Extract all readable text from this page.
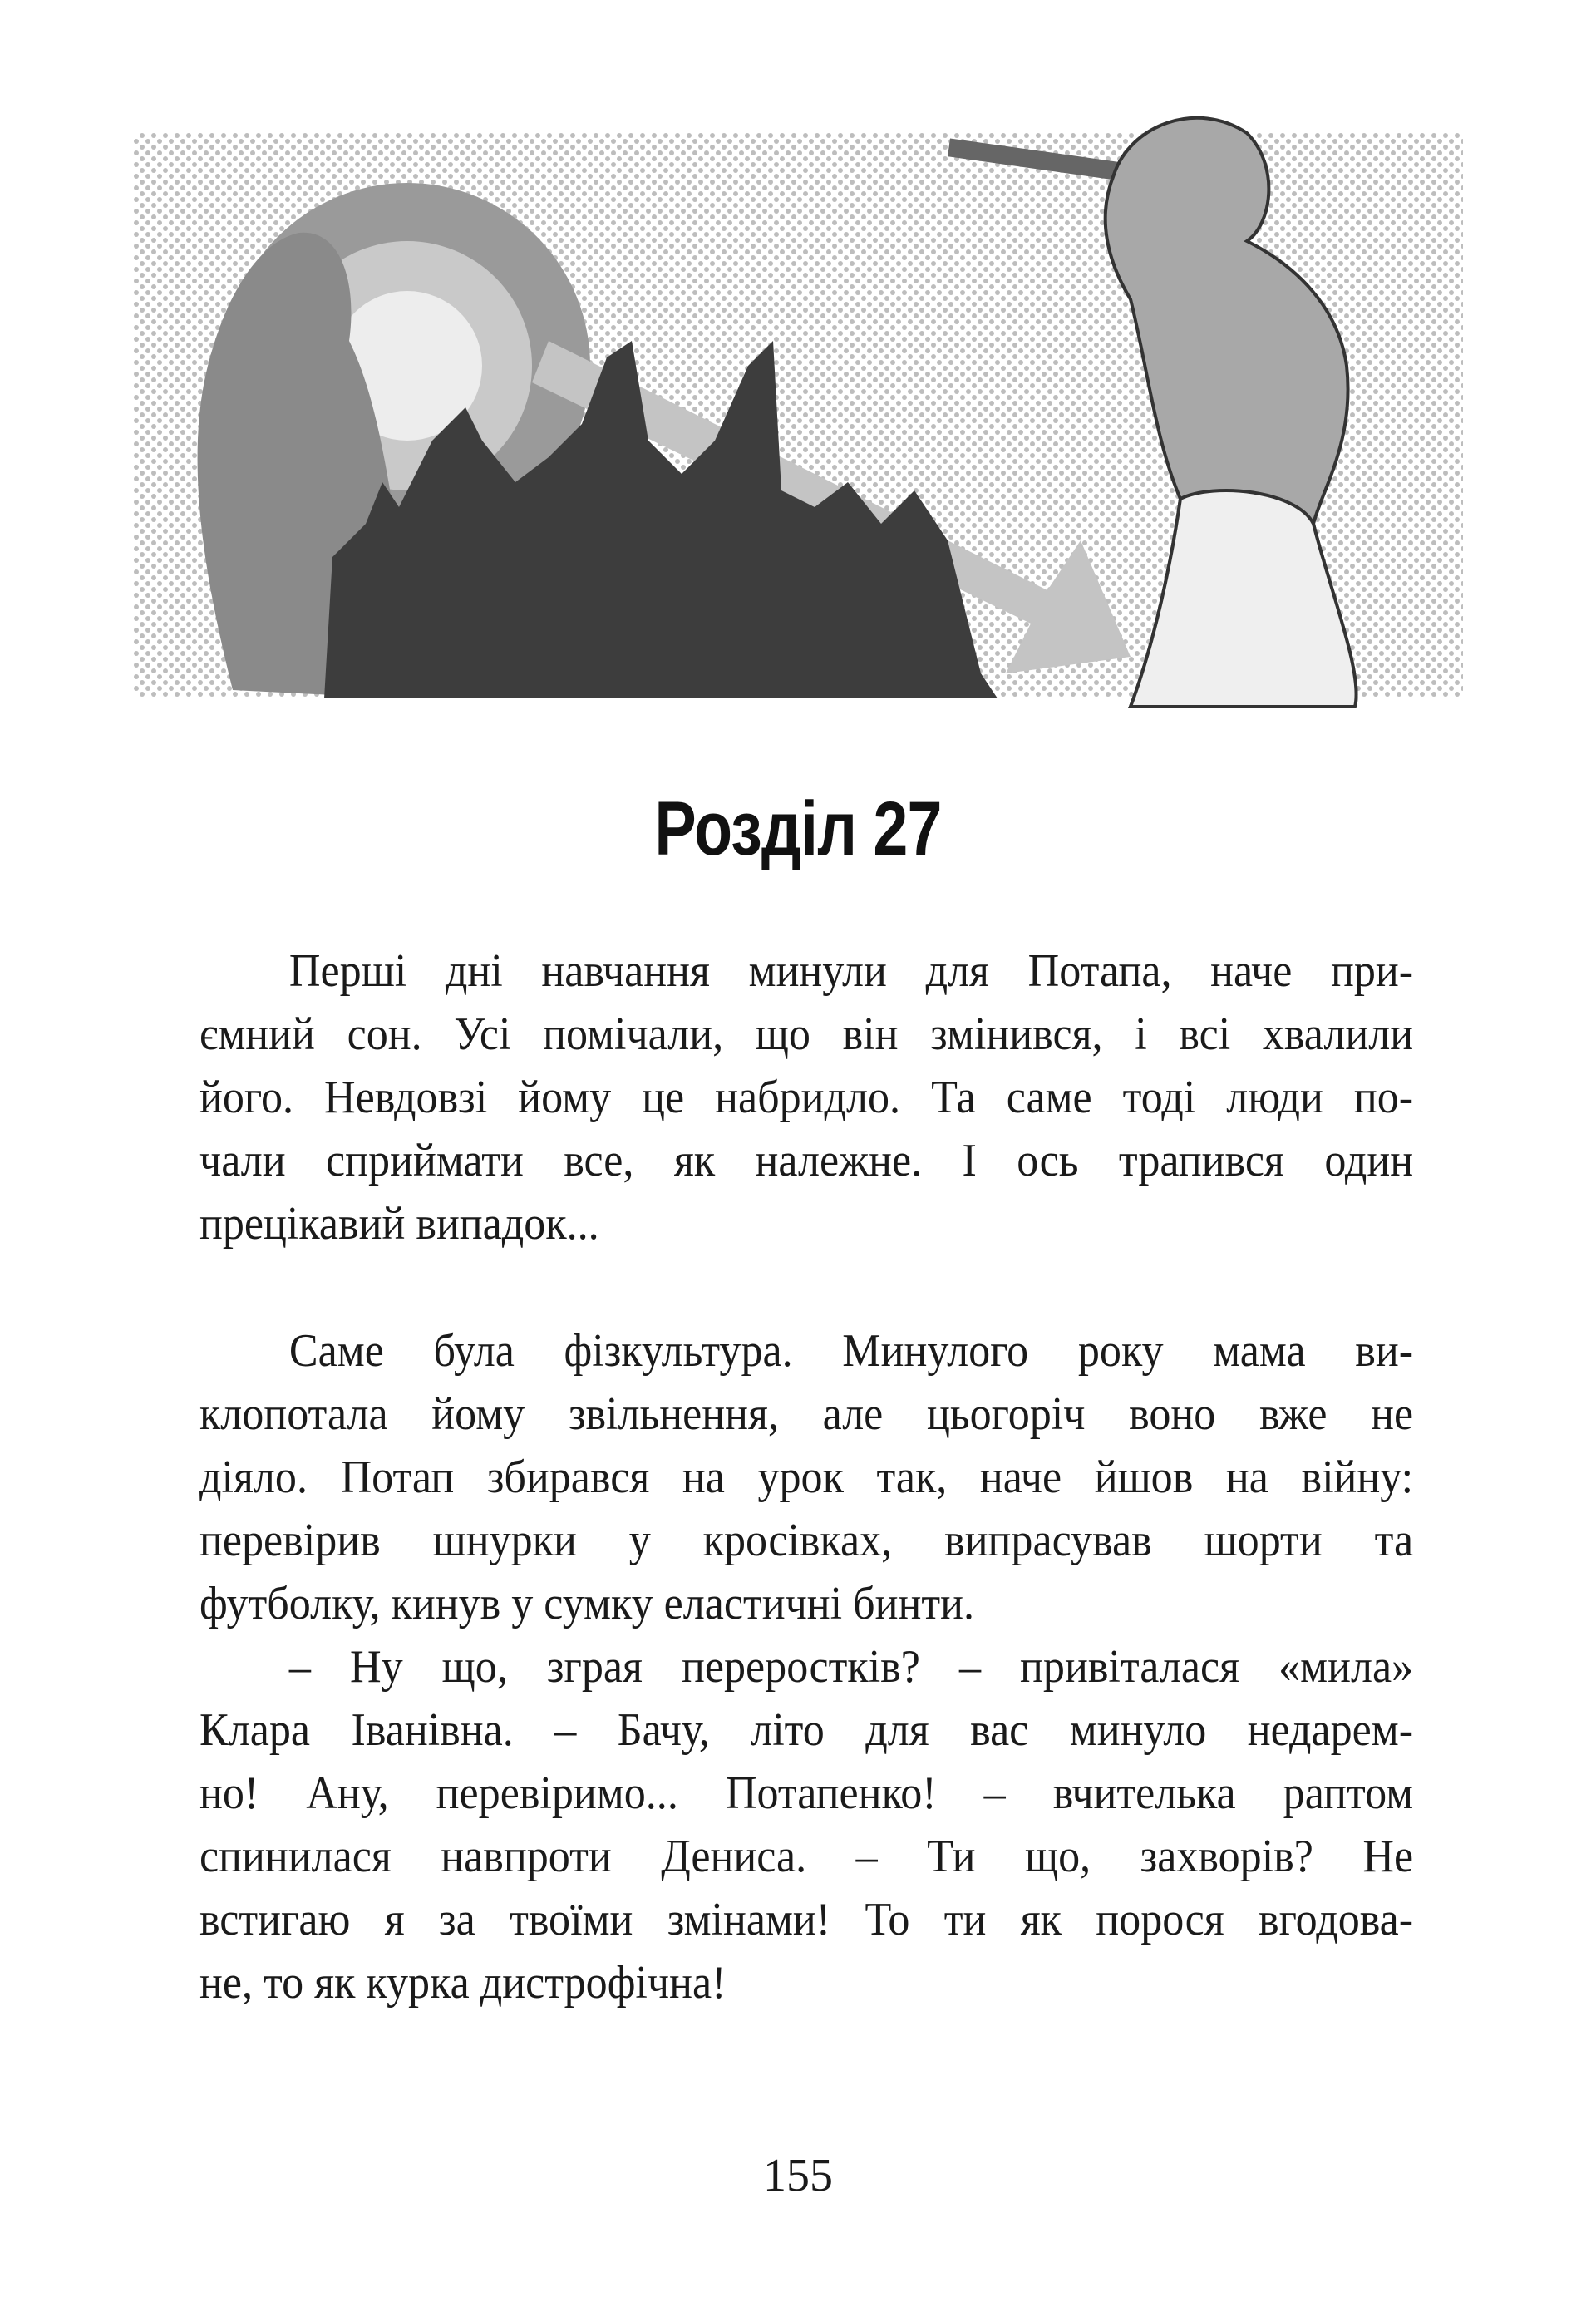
Розділ 27
Перші дні навчання минули для Потапа, наче при-
ємний сон. Усі помічали, що він змінився, і всі хвалили
його. Невдовзі йому це набридло. Та саме тоді люди по-
чали сприймати все, як належне. І ось трапився один
прецікавий випадок...
Саме була фізкультура. Минулого року мама ви-
клопотала йому звільнення, але цьогоріч воно вже не
діяло. Потап збирався на урок так, наче йшов на війну:
перевірив шнурки у кросівках, випрасував шорти та
футболку, кинув у сумку еластичні бинти.
– Ну що, зграя переростків? – привіталася «мила»
Клара Іванівна. – Бачу, літо для вас минуло недарем-
но! Ану, перевіримо... Потапенко! – вчителька раптом
спинилася навпроти Дениса. – Ти що, захворів? Не
встигаю я за твоїми змінами! То ти як порося вгодова-
не, то як курка дистрофічна!
155
